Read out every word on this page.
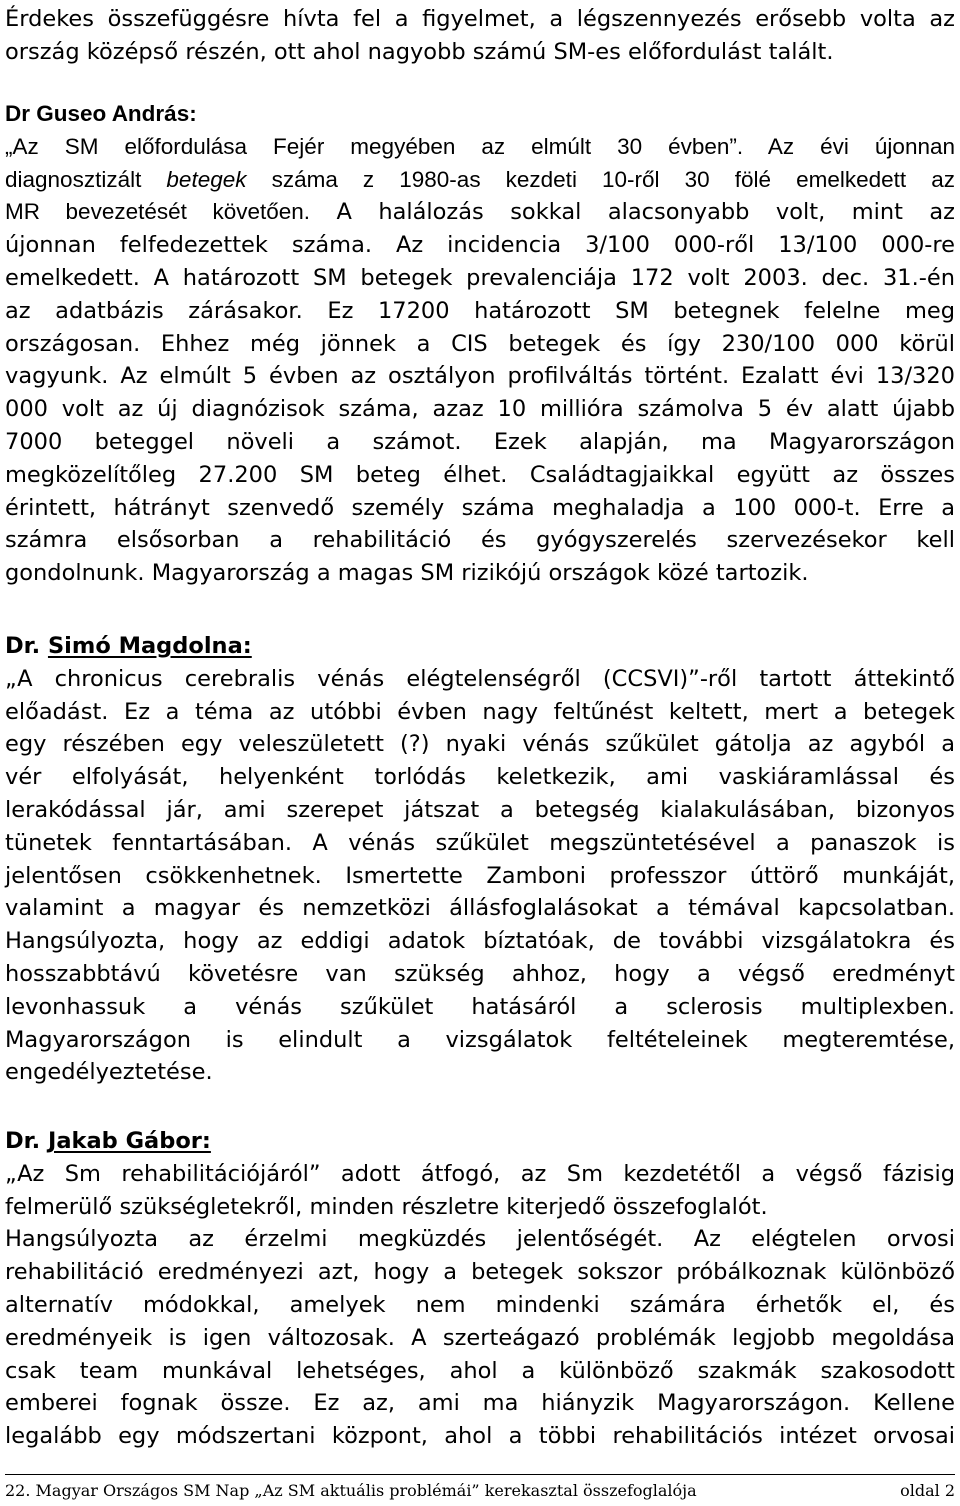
Érdekes összefüggésre hívta fel a figyelmet, a légszennyezés erősebb volta az
ország középső részén, ott ahol nagyobb számú SM-es előfordulást talált.
Dr Guseo András:
„Az SM előfordulása Fejér megyében az elmúlt 30 évben”. Az évi újonnan
diagnosztizált betegek száma z 1980-as kezdeti 10-ről 30 fölé emelkedett az
MR bevezetését követően. A halálozás sokkal alacsonyabb volt, mint az
újonnan felfedezettek száma. Az incidencia 3/100 000-ről 13/100 000-re
emelkedett. A határozott SM betegek prevalenciája 172 volt 2003. dec. 31.-én
az adatbázis zárásakor. Ez 17200 határozott SM betegnek felelne meg
országosan. Ehhez még jönnek a CIS betegek és így 230/100 000 körül
vagyunk. Az elmúlt 5 évben az osztályon profilváltás történt. Ezalatt évi 13/320
000 volt az új diagnózisok száma, azaz 10 millióra számolva 5 év alatt újabb
7000 beteggel növeli a számot. Ezek alapján, ma Magyarországon
megközelítőleg 27.200 SM beteg élhet. Családtagjaikkal együtt az összes
érintett, hátrányt szenvedő személy száma meghaladja a 100 000-t. Erre a
számra elsősorban a rehabilitáció és gyógyszerelés szervezésekor kell
gondolnunk. Magyarország a magas SM rizikójú országok közé tartozik.
Dr. Simó Magdolna:
„A chronicus cerebralis vénás elégtelenségről (CCSVI)”-ről tartott áttekintő
előadást. Ez a téma az utóbbi évben nagy feltűnést keltett, mert a betegek
egy részében egy veleszületett (?) nyaki vénás szűkület gátolja az agyból a
vér elfolyását, helyenként torlódás keletkezik, ami vaskiáramlással és
lerakódással jár, ami szerepet játszat a betegség kialakulásában, bizonyos
tünetek fenntartásában. A vénás szűkület megszüntetésével a panaszok is
jelentősen csökkenhetnek. Ismertette Zamboni professzor úttörő munkáját,
valamint a magyar és nemzetközi állásfoglalásokat a témával kapcsolatban.
Hangsúlyozta, hogy az eddigi adatok bíztatóak, de további vizsgálatokra és
hosszabbtávú követésre van szükség ahhoz, hogy a végső eredményt
levonhassuk a vénás szűkület hatásáról a sclerosis multiplexben.
Magyarországon is elindult a vizsgálatok feltételeinek megteremtése,
engedélyeztetése.
Dr. Jakab Gábor:
„Az Sm rehabilitációjáról” adott átfogó, az Sm kezdetétől a végső fázisig
felmerülő szükségletekről, minden részletre kiterjedő összefoglalót.
Hangsúlyozta az érzelmi megküzdés jelentőségét. Az elégtelen orvosi
rehabilitáció eredményezi azt, hogy a betegek sokszor próbálkoznak különböző
alternatív módokkal, amelyek nem mindenki számára érhetők el, és
eredményeik is igen változosak. A szerteágazó problémák legjobb megoldása
csak team munkával lehetséges, ahol a különböző szakmák szakosodott
emberei fognak össze. Ez az, ami ma hiányzik Magyarországon. Kellene
legalább egy módszertani központ, ahol a többi rehabilitációs intézet orvosai
22. Magyar Országos SM Nap „Az SM aktuális problémái” kerekasztal összefoglalója	oldal 2
